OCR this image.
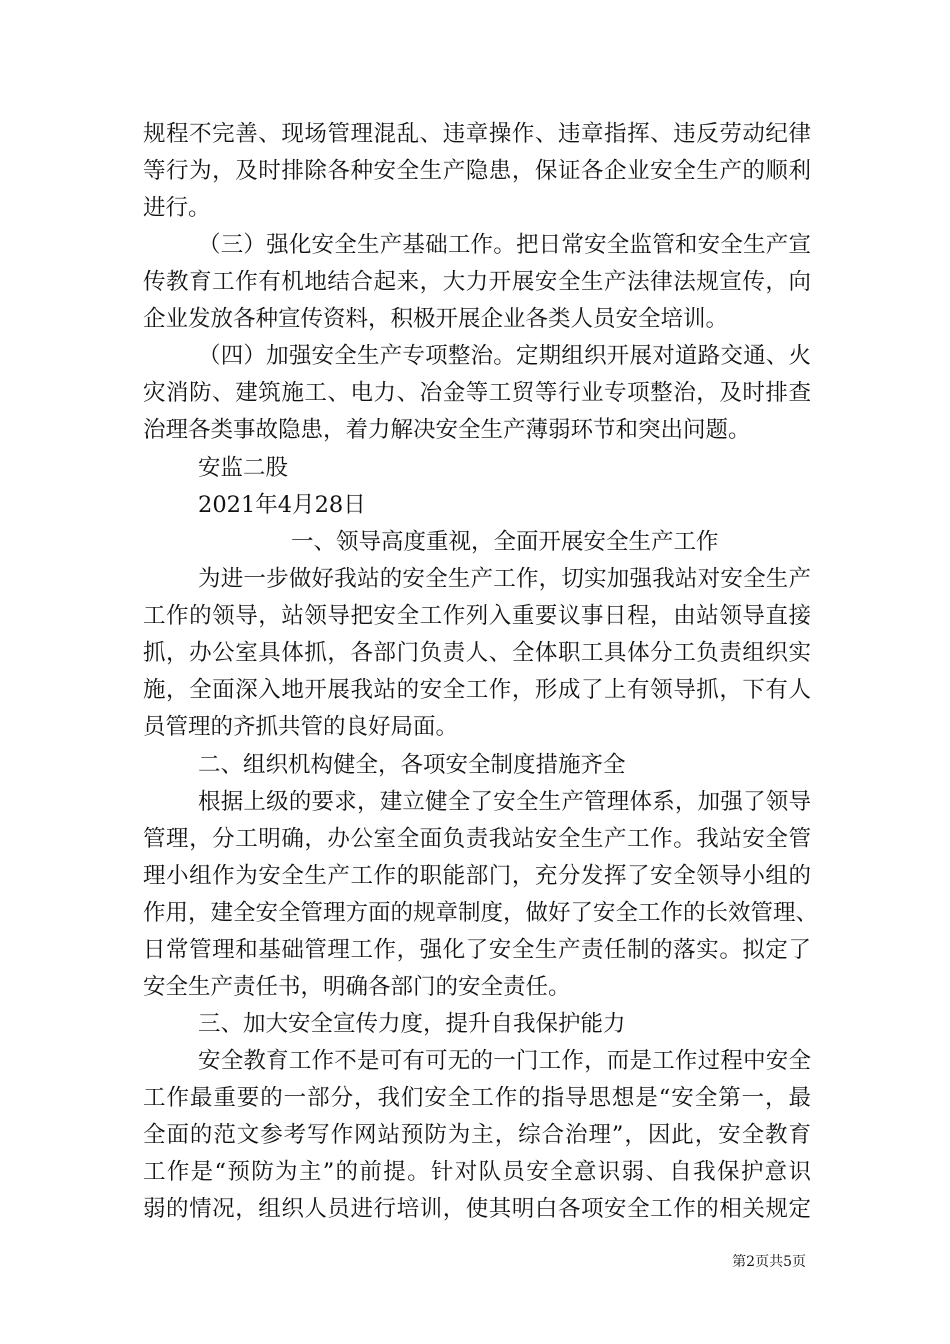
规程不完善、现场管理混乱、违章操作、违章指挥、违反劳动纪律
等行为，及时排除各种安全生产隐患，保证各企业安全生产的顺利
进行。
（三）强化安全生产基础工作。把日常安全监管和安全生产宣
传教育工作有机地结合起来，大力开展安全生产法律法规宣传，向
企业发放各种宣传资料，积极开展企业各类人员安全培训。
（四）加强安全生产专项整治。定期组织开展对道路交通、火
灾消防、建筑施工、电力、冶金等工贸等行业专项整治，及时排查
治理各类事故隐患，着力解决安全生产薄弱环节和突出问题。
安监二股
2021年4月28日
一、领导高度重视，全面开展安全生产工作
为进一步做好我站的安全生产工作，切实加强我站对安全生产
工作的领导，站领导把安全工作列入重要议事日程，由站领导直接
抓，办公室具体抓，各部门负责人、全体职工具体分工负责组织实
施，全面深入地开展我站的安全工作，形成了上有领导抓，下有人
员管理的齐抓共管的良好局面。
二、组织机构健全，各项安全制度措施齐全
根据上级的要求，建立健全了安全生产管理体系，加强了领导
管理，分工明确，办公室全面负责我站安全生产工作。我站安全管
理小组作为安全生产工作的职能部门，充分发挥了安全领导小组的
作用，建全安全管理方面的规章制度，做好了安全工作的长效管理、
日常管理和基础管理工作，强化了安全生产责任制的落实。拟定了
安全生产责任书，明确各部门的安全责任。
三、加大安全宣传力度，提升自我保护能力
安全教育工作不是可有可无的一门工作，而是工作过程中安全
工作最重要的一部分，我们安全工作的指导思想是“安全第一，最
全面的范文参考写作网站预防为主，综合治理”，因此，安全教育
工作是“预防为主”的前提。针对队员安全意识弱、自我保护意识
弱的情况，组织人员进行培训，使其明白各项安全工作的相关规定
第2页共5页
